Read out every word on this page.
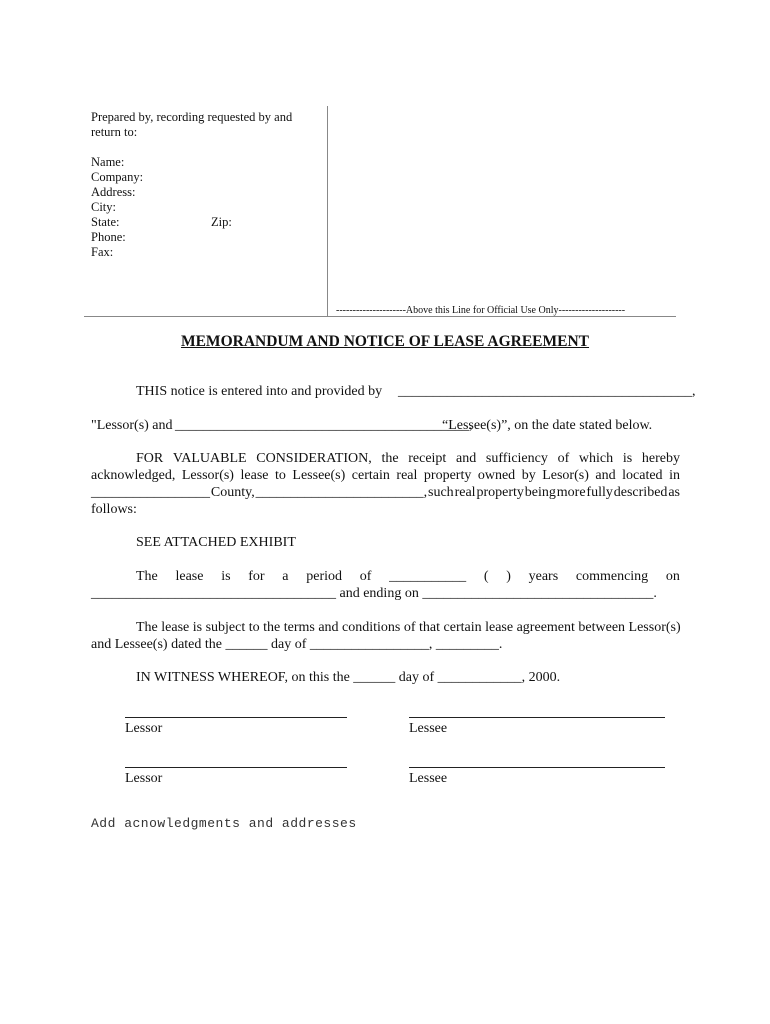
Prepared by, recording requested by and
return to:
Name:
Company:
Address:
City:
State:	Zip:
Phone:
Fax:
---------------------Above this Line for Official Use Only--------------------
MEMORANDUM AND NOTICE OF LEASE AGREEMENT
THIS notice is entered into and provided by __________________________________________,
"Lessor(s) and __________________________________________,
“Lessee(s)”, on the date stated below.
FOR VALUABLE CONSIDERATION, the receipt and sufficiency of which is hereby
acknowledged, Lessor(s) lease to Lessee(s) certain real property owned by Lesor(s) and located in
_________________ County, ________________________, such real property being more fully described as
follows:
SEE ATTACHED EXHIBIT
The lease is for a period of ___________ ( ) years commencing on
___________________________________ and ending on _________________________________.
The lease is subject to the terms and conditions of that certain lease agreement between Lessor(s)
and Lessee(s) dated the ______ day of _________________, _________.
IN WITNESS WHEREOF, on this the ______ day of ____________, 2000.
Lessor	Lessee
Lessor	Lessee
Add acnowledgments and addresses
